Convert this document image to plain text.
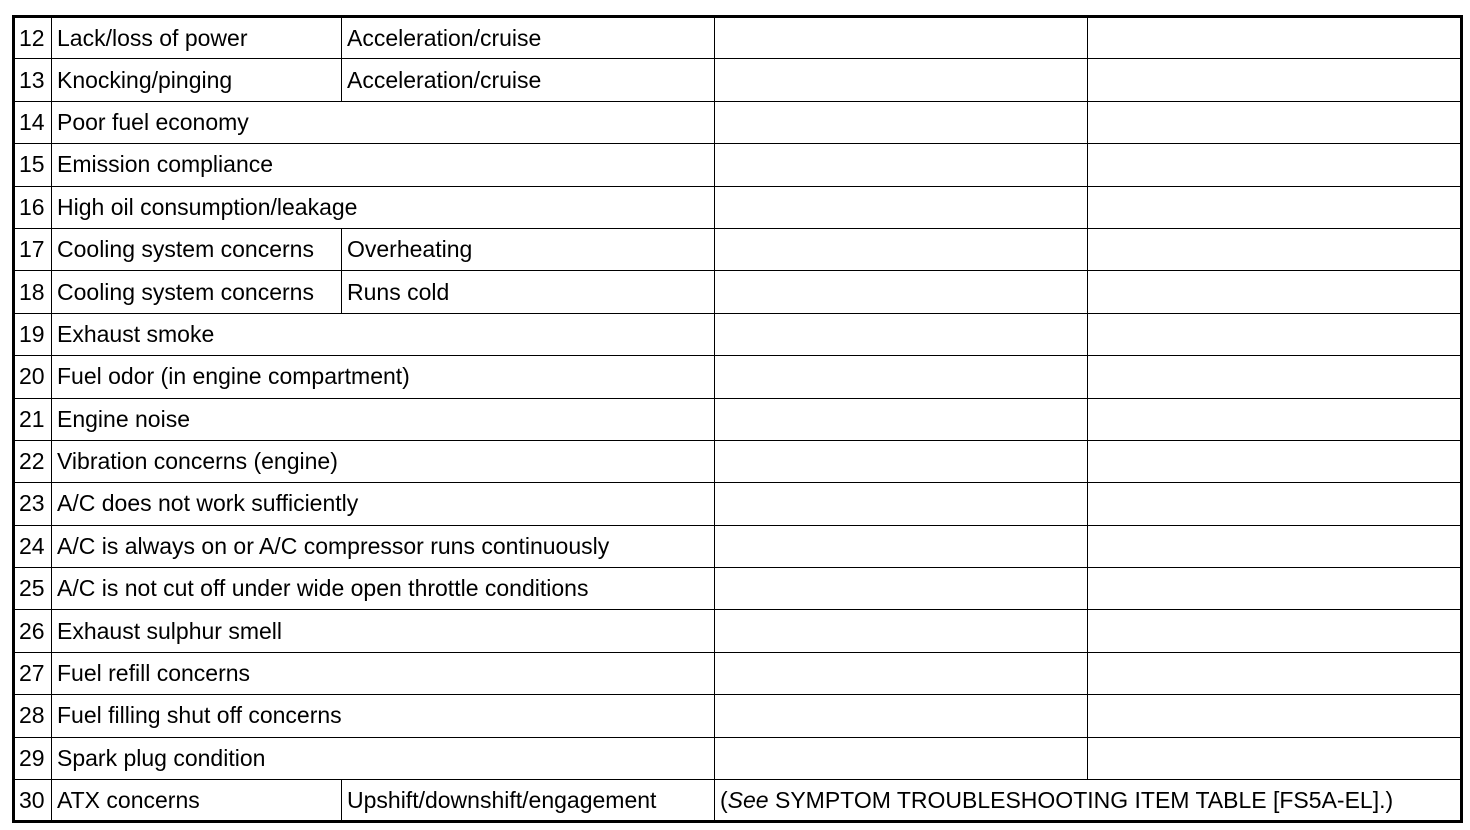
12	Lack/loss of power	Acceleration/cruise		
13	Knocking/pinging	Acceleration/cruise		
14	Poor fuel economy			
15	Emission compliance			
16	High oil consumption/leakage			
17	Cooling system concerns	Overheating		
18	Cooling system concerns	Runs cold		
19	Exhaust smoke			
20	Fuel odor (in engine compartment)			
21	Engine noise			
22	Vibration concerns (engine)			
23	A/C does not work sufficiently			
24	A/C is always on or A/C compressor runs continuously			
25	A/C is not cut off under wide open throttle conditions			
26	Exhaust sulphur smell			
27	Fuel refill concerns			
28	Fuel filling shut off concerns			
29	Spark plug condition			
30	ATX concerns	Upshift/downshift/engagement	(See SYMPTOM TROUBLESHOOTING ITEM TABLE [FS5A-EL].)	
